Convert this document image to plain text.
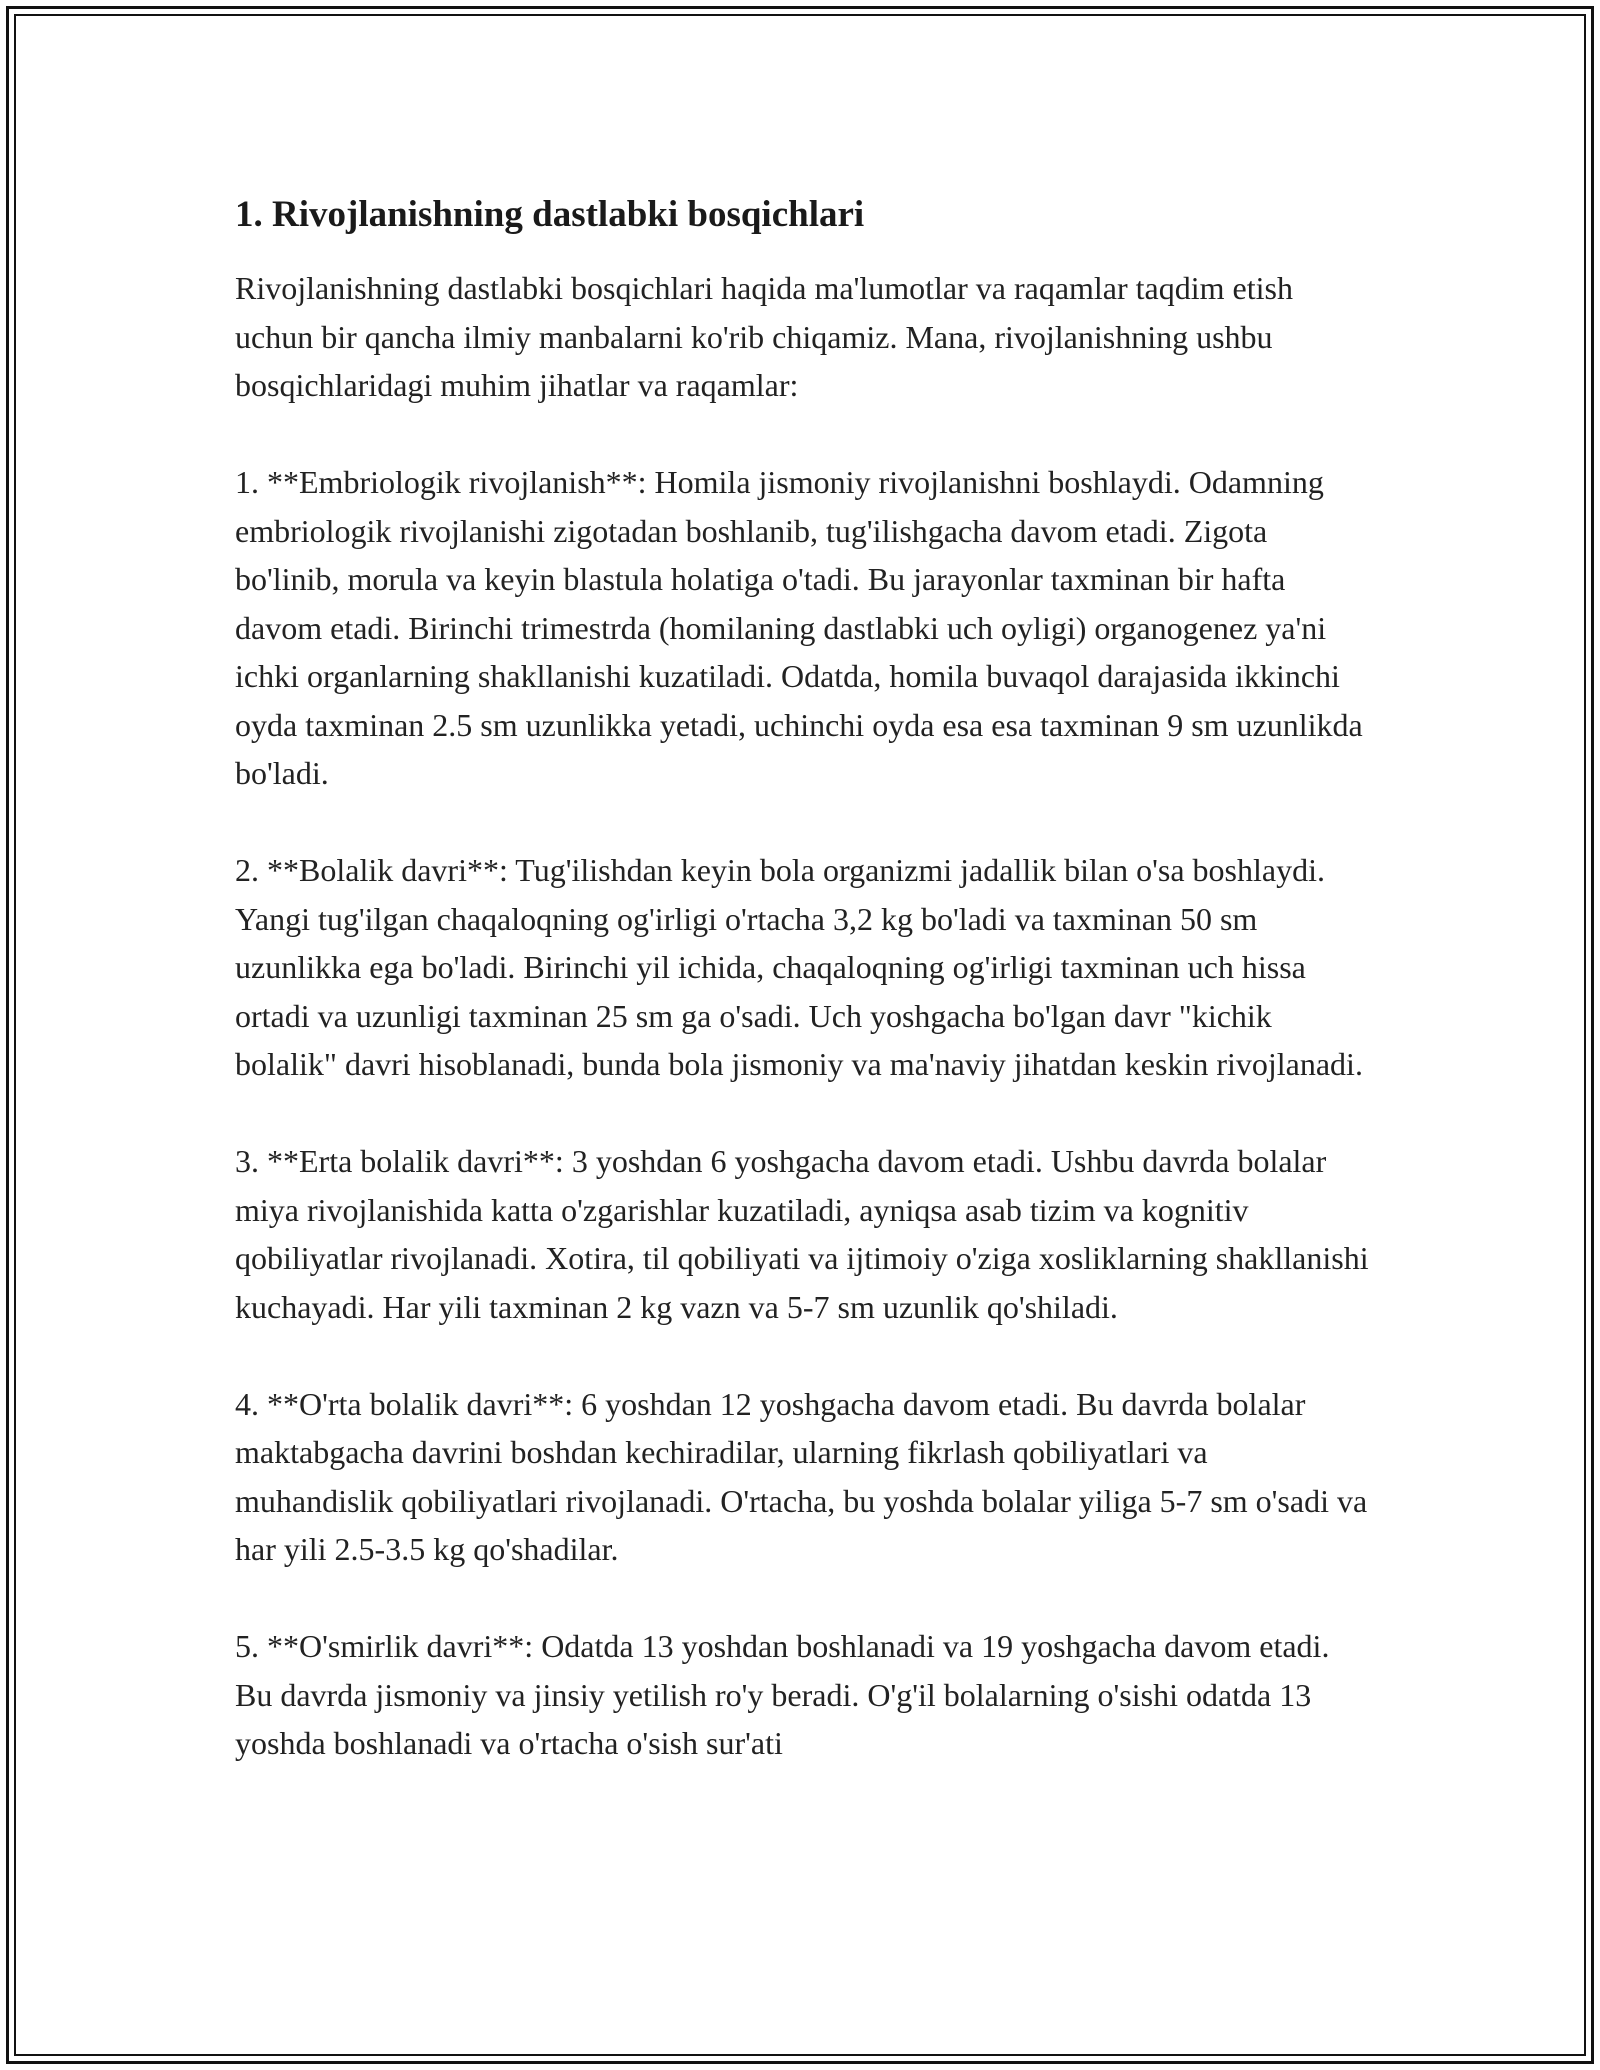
1. Rivojlanishning dastlabki bosqichlari

Rivojlanishning dastlabki bosqichlari haqida ma'lumotlar va raqamlar taqdim etish uchun bir qancha ilmiy manbalarni ko'rib chiqamiz. Mana, rivojlanishning ushbu bosqichlaridagi muhim jihatlar va raqamlar:

1. **Embriologik rivojlanish**: Homila jismoniy rivojlanishni boshlaydi. Odamning embriologik rivojlanishi zigotadan boshlanib, tug'ilishgacha davom etadi. Zigota bo'linib, morula va keyin blastula holatiga o'tadi. Bu jarayonlar taxminan bir hafta davom etadi. Birinchi trimestrda (homilaning dastlabki uch oyligi) organogenez ya'ni ichki organlarning shakllanishi kuzatiladi. Odatda, homila buvaqol darajasida ikkinchi oyda taxminan 2.5 sm uzunlikka yetadi, uchinchi oyda esa esa taxminan 9 sm uzunlikda bo'ladi.

2. **Bolalik davri**: Tug'ilishdan keyin bola organizmi jadallik bilan o'sa boshlaydi. Yangi tug'ilgan chaqaloqning og'irligi o'rtacha 3,2 kg bo'ladi va taxminan 50 sm uzunlikka ega bo'ladi. Birinchi yil ichida, chaqaloqning og'irligi taxminan uch hissa ortadi va uzunligi taxminan 25 sm ga o'sadi. Uch yoshgacha bo'lgan davr "kichik bolalik" davri hisoblanadi, bunda bola jismoniy va ma'naviy jihatdan keskin rivojlanadi.

3. **Erta bolalik davri**: 3 yoshdan 6 yoshgacha davom etadi. Ushbu davrda bolalar miya rivojlanishida katta o'zgarishlar kuzatiladi, ayniqsa asab tizim va kognitiv qobiliyatlar rivojlanadi. Xotira, til qobiliyati va ijtimoiy o'ziga xosliklarning shakllanishi kuchayadi. Har yili taxminan 2 kg vazn va 5-7 sm uzunlik qo'shiladi.

4. **O'rta bolalik davri**: 6 yoshdan 12 yoshgacha davom etadi. Bu davrda bolalar maktabgacha davrini boshdan kechiradilar, ularning fikrlash qobiliyatlari va muhandislik qobiliyatlari rivojlanadi. O'rtacha, bu yoshda bolalar yiliga 5-7 sm o'sadi va har yili 2.5-3.5 kg qo'shadilar.

5. **O'smirlik davri**: Odatda 13 yoshdan boshlanadi va 19 yoshgacha davom etadi. Bu davrda jismoniy va jinsiy yetilish ro'y beradi. O'g'il bolalarning o'sishi odatda 13 yoshda boshlanadi va o'rtacha o'sish sur'ati
